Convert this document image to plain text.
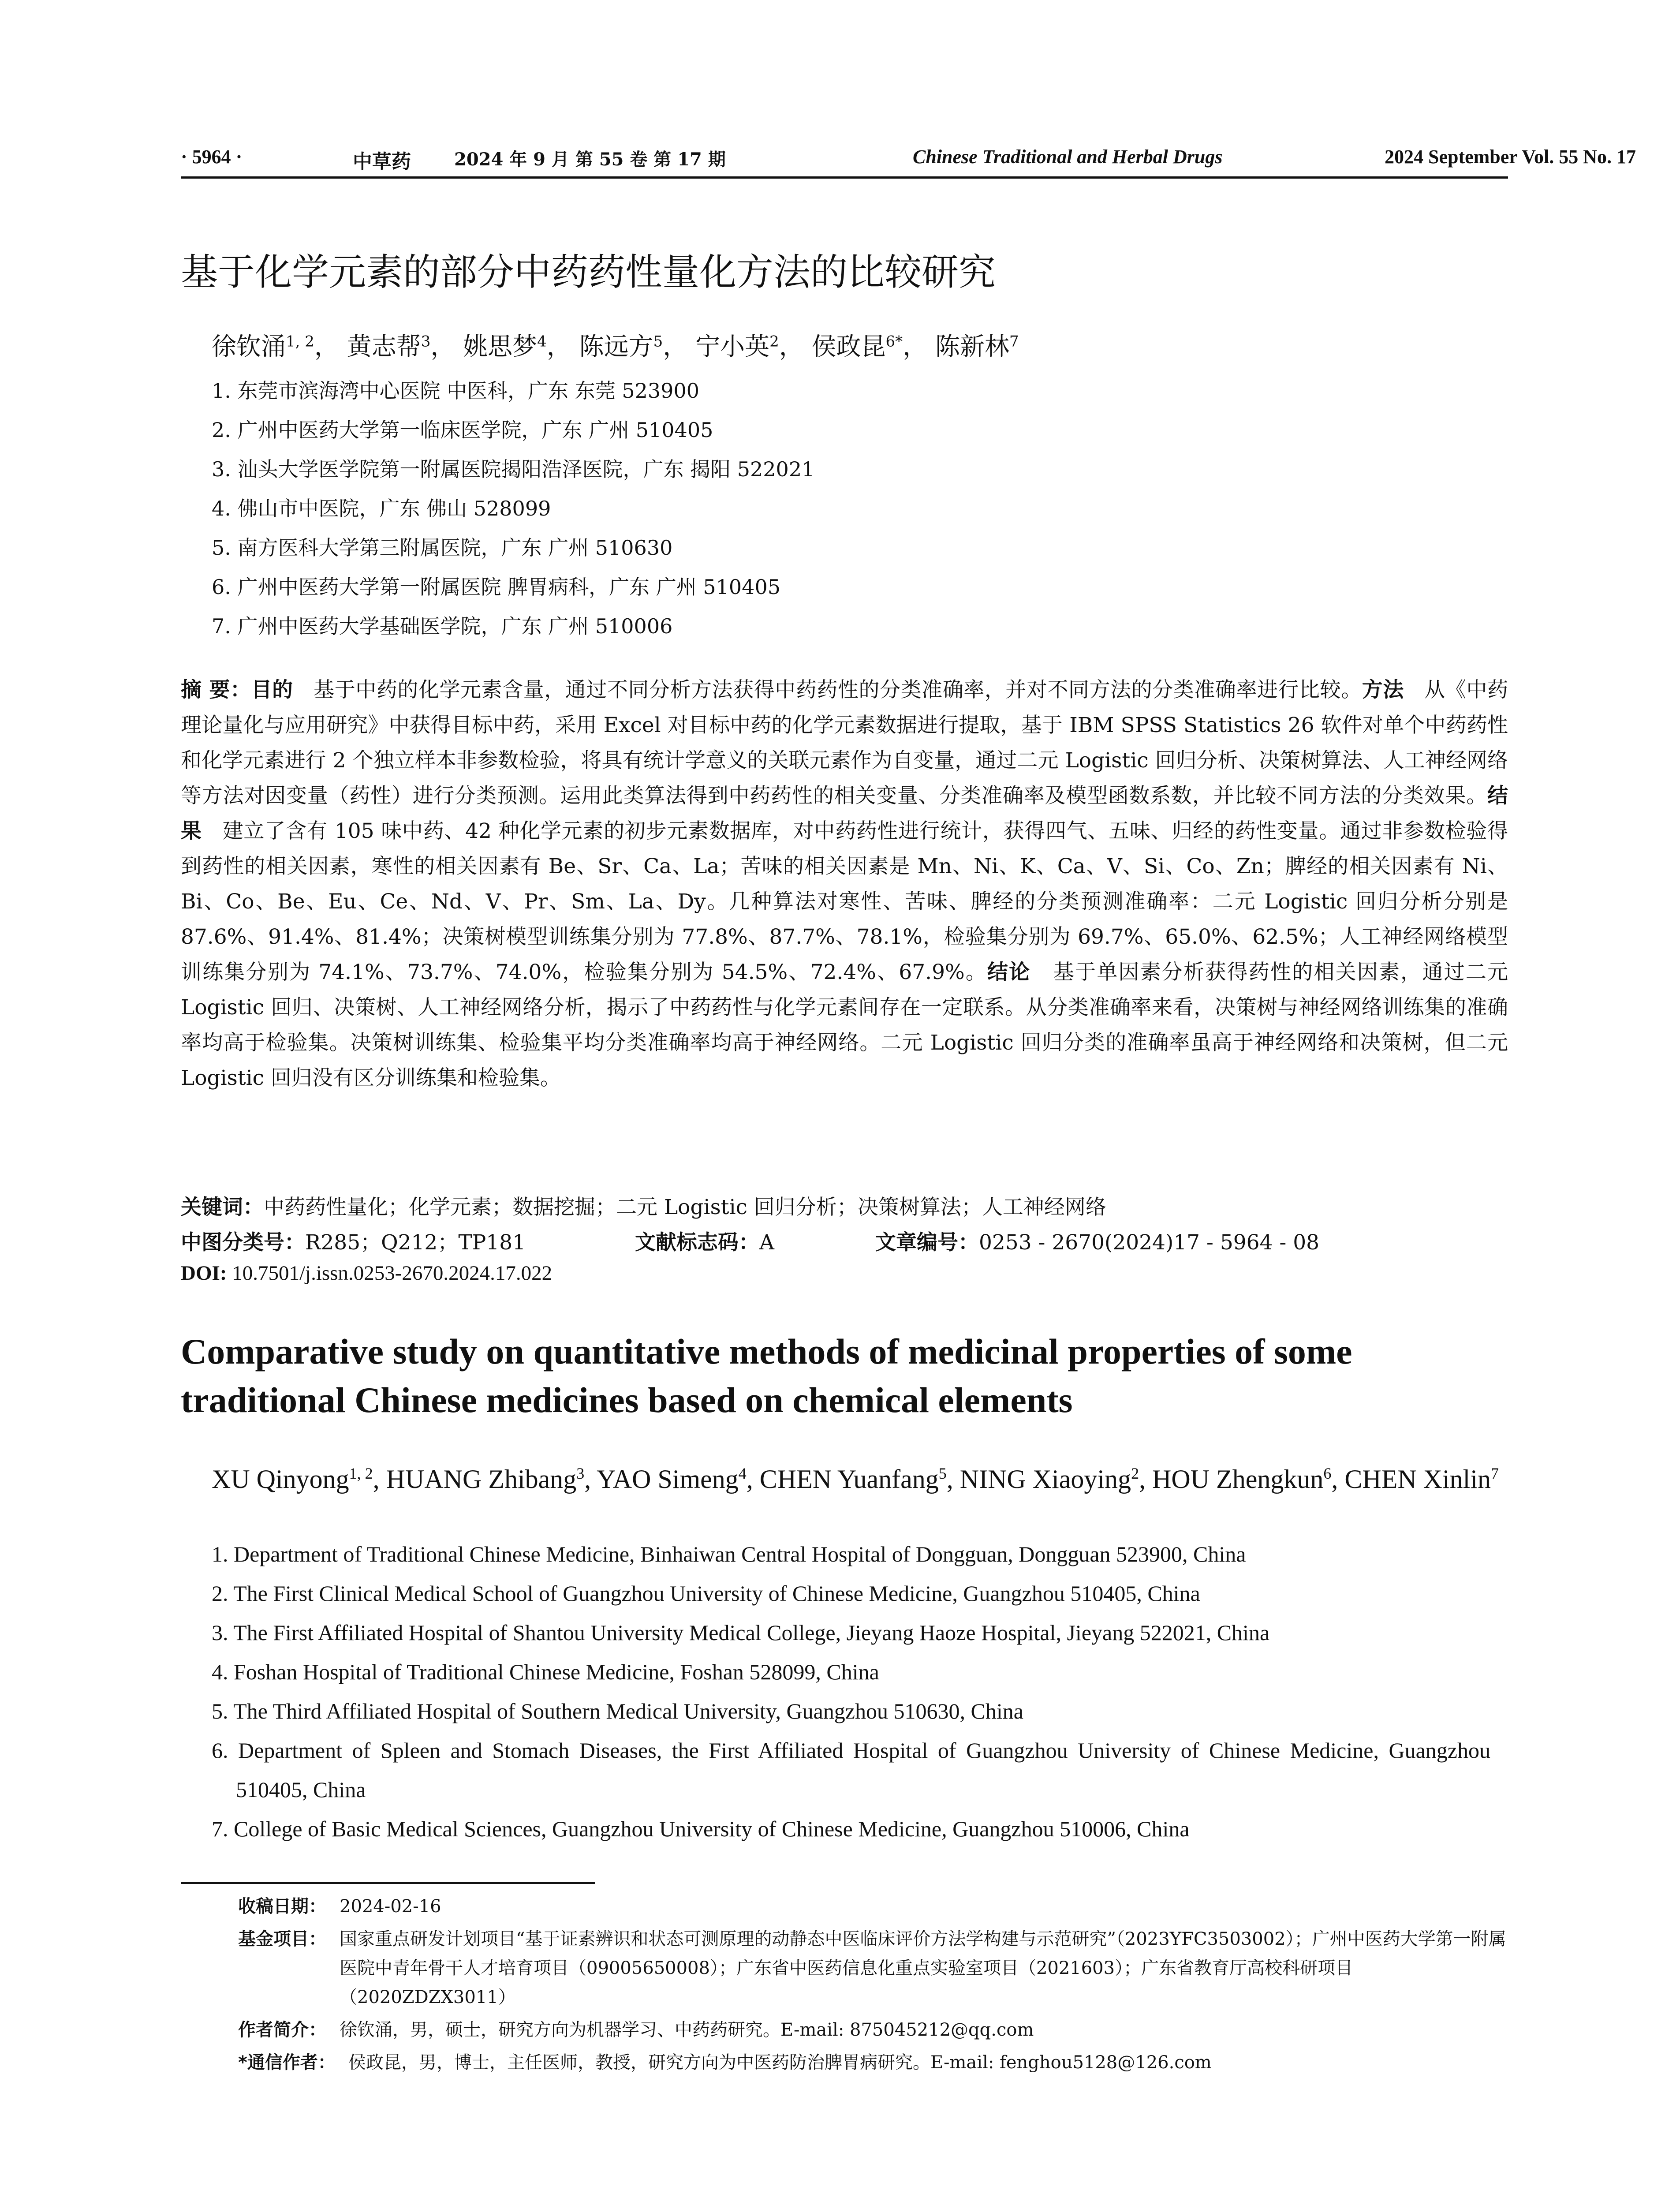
· 5964 ·	中草药 2024 年 9 月 第 55 卷 第 17 期	Chinese Traditional and Herbal Drugs	2024 September Vol. 55 No. 17
基于化学元素的部分中药药性量化方法的比较研究
徐钦涌$^{1, 2}$， 黄志帮$^3$， 姚思梦$^4$， 陈远方$^5$， 宁小英$^2$， 侯政昆$^{6*}$， 陈新林$^7$
1. 东莞市滨海湾中心医院 中医科，广东 东莞 523900
2. 广州中医药大学第一临床医学院，广东 广州 510405
3. 汕头大学医学院第一附属医院揭阳浩泽医院，广东 揭阳 522021
4. 佛山市中医院，广东 佛山 528099
5. 南方医科大学第三附属医院，广东 广州 510630
6. 广州中医药大学第一附属医院 脾胃病科，广东 广州 510405
7. 广州中医药大学基础医学院，广东 广州 510006
摘 要：目的 基于中药的化学元素含量，通过不同分析方法获得中药药性的分类准确率，并对不同方法的分类准确率进行比较。方法 从《中药理论量化与应用研究》中获得目标中药，采用 Excel 对目标中药的化学元素数据进行提取，基于 IBM SPSS Statistics 26 软件对单个中药药性和化学元素进行 2 个独立样本非参数检验，将具有统计学意义的关联元素作为自变量，通过二元 Logistic 回归分析、决策树算法、人工神经网络等方法对因变量（药性）进行分类预测。运用此类算法得到中药药性的相关变量、分类准确率及模型函数系数，并比较不同方法的分类效果。结果 建立了含有 105 味中药、42 种化学元素的初步元素数据库，对中药药性进行统计，获得四气、五味、归经的药性变量。通过非参数检验得到药性的相关因素，寒性的相关因素有 Be、Sr、Ca、La；苦味的相关因素是 Mn、Ni、K、Ca、V、Si、Co、Zn；脾经的相关因素有 Ni、Bi、Co、Be、Eu、Ce、Nd、V、Pr、Sm、La、Dy。几种算法对寒性、苦味、脾经的分类预测准确率：二元 Logistic 回归分析分别是 87.6%、91.4%、81.4%；决策树模型训练集分别为 77.8%、87.7%、78.1%，检验集分别为 69.7%、65.0%、62.5%；人工神经网络模型训练集分别为 74.1%、73.7%、74.0%，检验集分别为 54.5%、72.4%、67.9%。结论 基于单因素分析获得药性的相关因素，通过二元 Logistic 回归、决策树、人工神经网络分析，揭示了中药药性与化学元素间存在一定联系。从分类准确率来看，决策树与神经网络训练集的准确率均高于检验集。决策树训练集、检验集平均分类准确率均高于神经网络。二元 Logistic 回归分类的准确率虽高于神经网络和决策树，但二元 Logistic 回归没有区分训练集和检验集。
关键词：中药药性量化；化学元素；数据挖掘；二元 Logistic 回归分析；决策树算法；人工神经网络
中图分类号：R285；Q212；TP181	文献标志码：A	文章编号：0253 - 2670(2024)17 - 5964 - 08
DOI: 10.7501/j.issn.0253-2670.2024.17.022
Comparative study on quantitative methods of medicinal properties of some traditional Chinese medicines based on chemical elements
XU Qinyong$^{1, 2}$, HUANG Zhibang$^3$, YAO Simeng$^4$, CHEN Yuanfang$^5$, NING Xiaoying$^2$, HOU Zhengkun$^6$, CHEN Xinlin$^7$
1. Department of Traditional Chinese Medicine, Binhaiwan Central Hospital of Dongguan, Dongguan 523900, China
2. The First Clinical Medical School of Guangzhou University of Chinese Medicine, Guangzhou 510405, China
3. The First Affiliated Hospital of Shantou University Medical College, Jieyang Haoze Hospital, Jieyang 522021, China
4. Foshan Hospital of Traditional Chinese Medicine, Foshan 528099, China
5. The Third Affiliated Hospital of Southern Medical University, Guangzhou 510630, China
6. Department of Spleen and Stomach Diseases, the First Affiliated Hospital of Guangzhou University of Chinese Medicine, Guangzhou 510405, China
7. College of Basic Medical Sciences, Guangzhou University of Chinese Medicine, Guangzhou 510006, China
收稿日期： 2024-02-16
基金项目： 国家重点研发计划项目“基于证素辨识和状态可测原理的动静态中医临床评价方法学构建与示范研究”（2023YFC3503002）；广州中医药大学第一附属医院中青年骨干人才培育项目（09005650008）；广东省中医药信息化重点实验室项目（2021603）；广东省教育厅高校科研项目（2020ZDZX3011）
作者简介： 徐钦涌，男，硕士，研究方向为机器学习、中药药研究。E-mail: 875045212@qq.com
*通信作者： 侯政昆，男，博士，主任医师，教授，研究方向为中医药防治脾胃病研究。E-mail: fenghou5128@126.com
